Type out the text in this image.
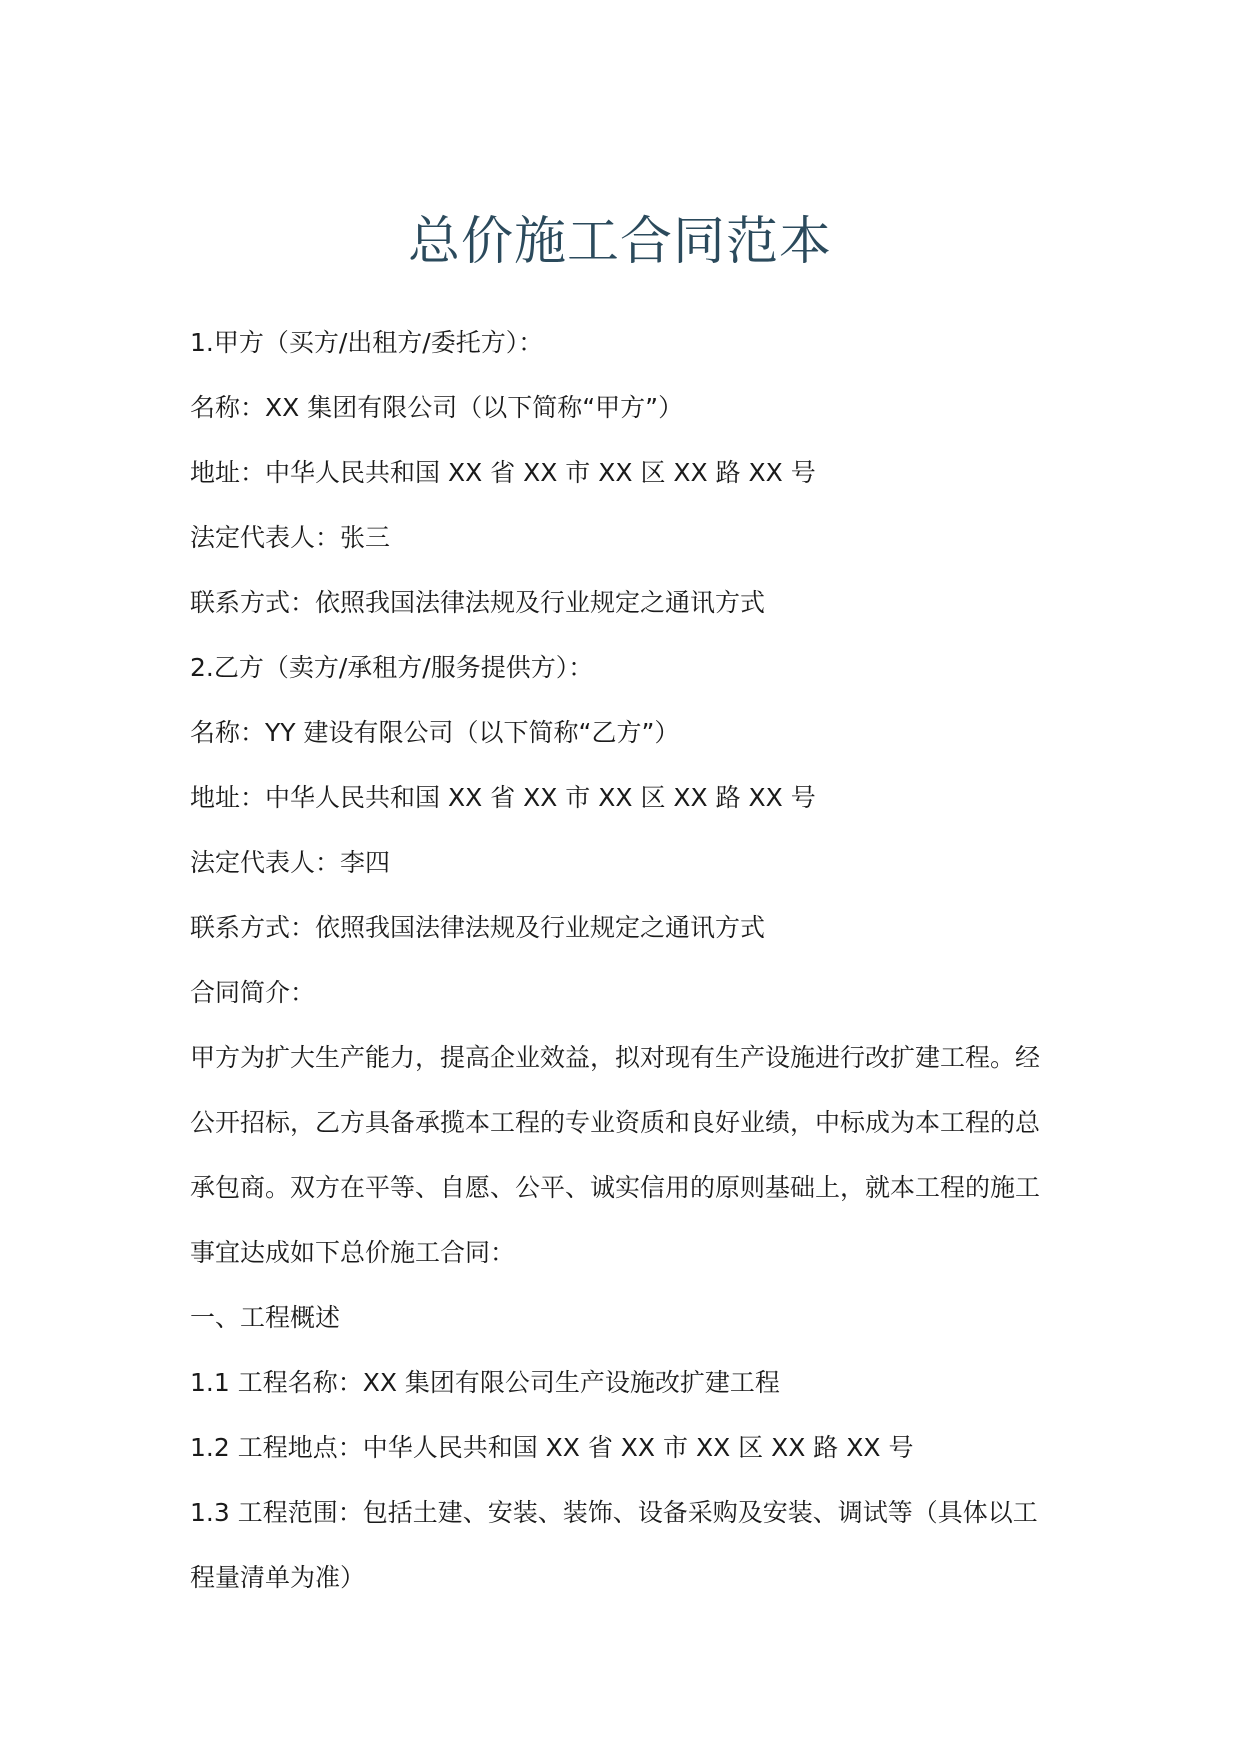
总价施工合同范本

1.甲方（买方/出租方/委托方）：

名称：XX 集团有限公司（以下简称“甲方”）

地址：中华人民共和国 XX 省 XX 市 XX 区 XX 路 XX 号

法定代表人：张三

联系方式：依照我国法律法规及行业规定之通讯方式

2.乙方（卖方/承租方/服务提供方）：

名称：YY 建设有限公司（以下简称“乙方”）

地址：中华人民共和国 XX 省 XX 市 XX 区 XX 路 XX 号

法定代表人：李四

联系方式：依照我国法律法规及行业规定之通讯方式

合同简介：

甲方为扩大生产能力，提高企业效益，拟对现有生产设施进行改扩建工程。经

公开招标，乙方具备承揽本工程的专业资质和良好业绩，中标成为本工程的总

承包商。双方在平等、自愿、公平、诚实信用的原则基础上，就本工程的施工

事宜达成如下总价施工合同：

一、工程概述

1.1 工程名称：XX 集团有限公司生产设施改扩建工程

1.2 工程地点：中华人民共和国 XX 省 XX 市 XX 区 XX 路 XX 号

1.3 工程范围：包括土建、安装、装饰、设备采购及安装、调试等（具体以工

程量清单为准）
